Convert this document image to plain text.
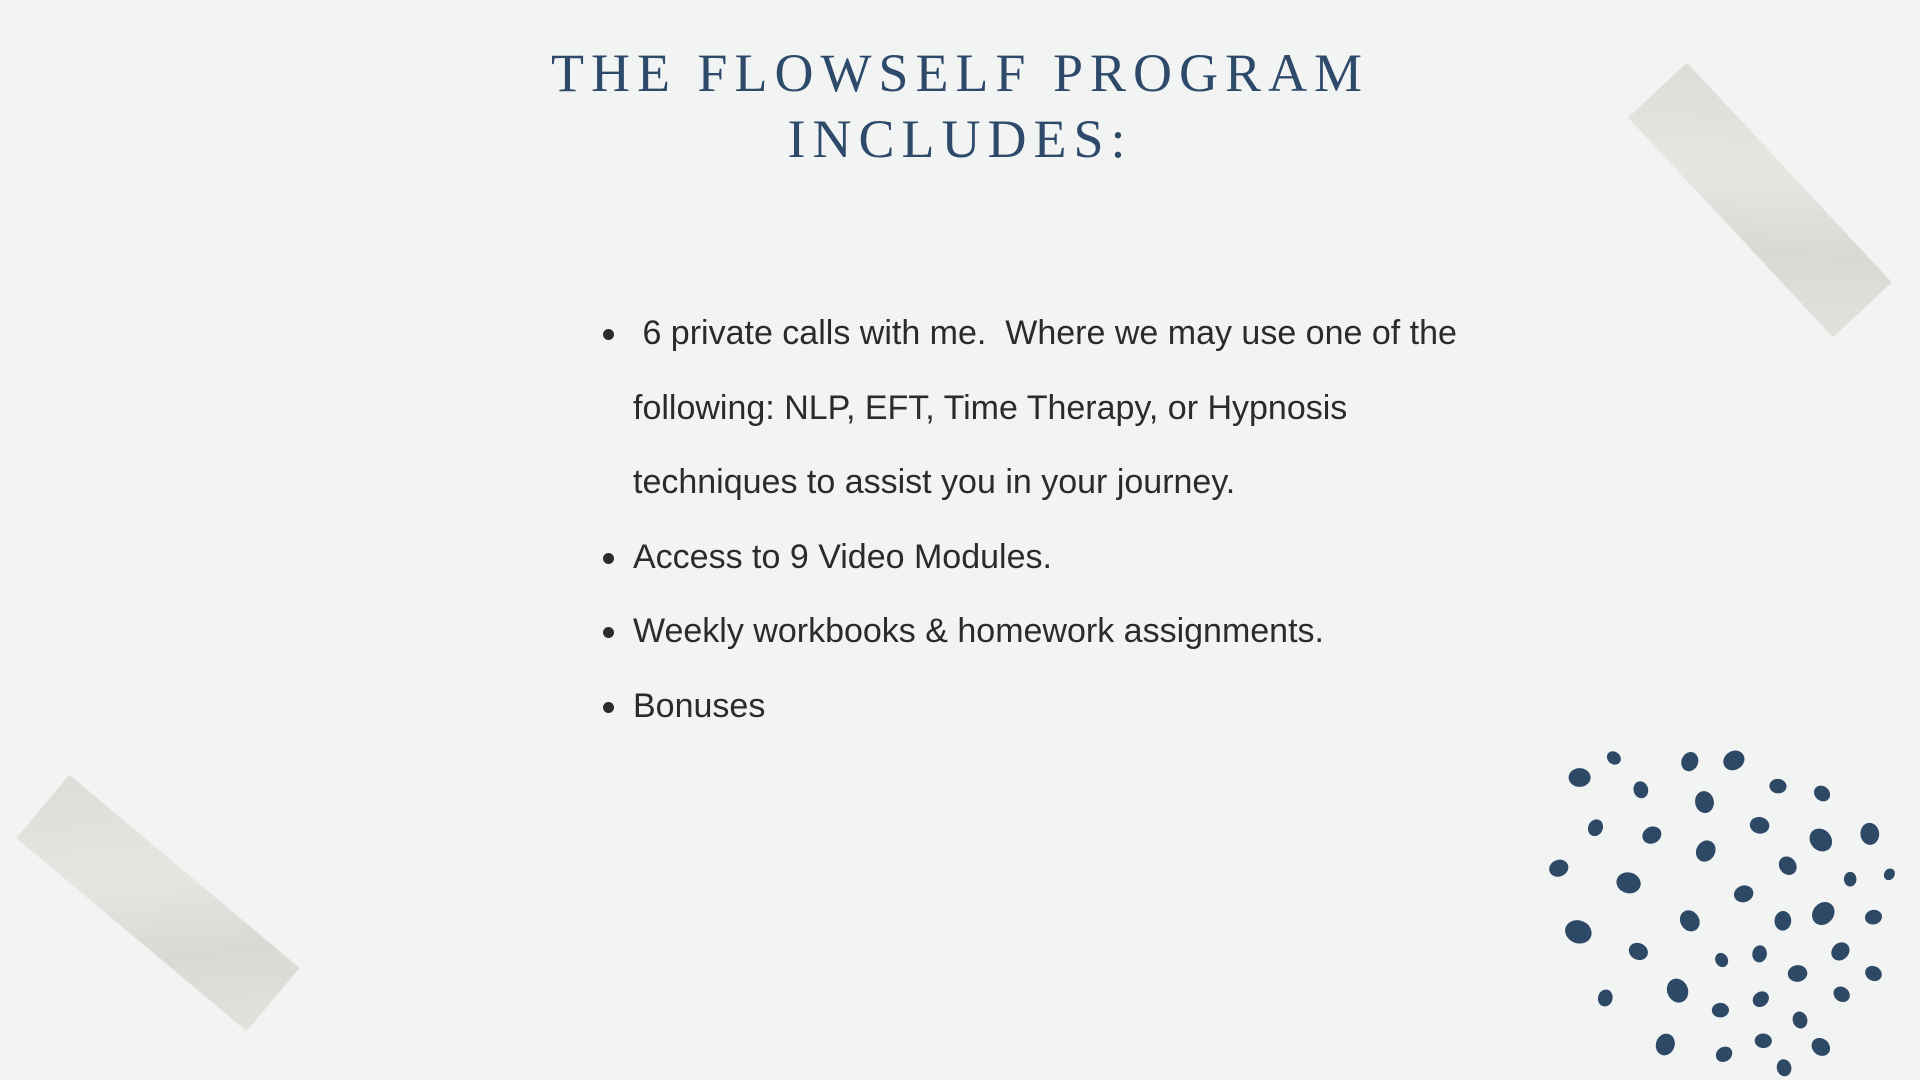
THE FLOWSELF PROGRAM
INCLUDES:
6 private calls with me.  Where we may use one of the following: NLP, EFT, Time Therapy, or Hypnosis techniques to assist you in your journey.
Access to 9 Video Modules.
Weekly workbooks & homework assignments.
Bonuses
